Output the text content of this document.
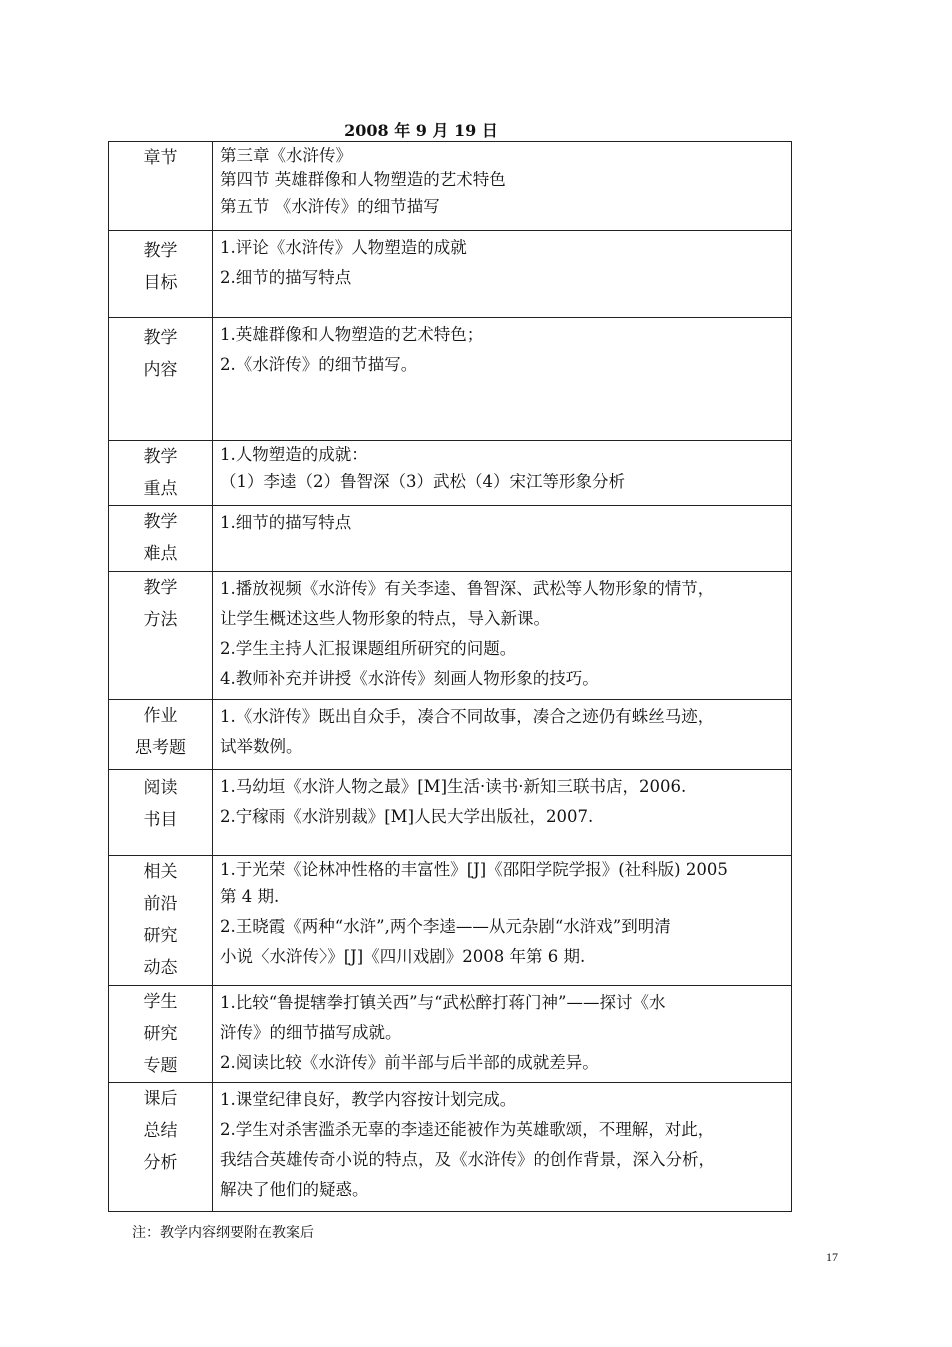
2008 年 9 月 19 日
章节	第三章《水浒传》
第四节 英雄群像和人物塑造的艺术特色
第五节 《水浒传》的细节描写

教学
目标	1.评论《水浒传》人物塑造的成就
2.细节的描写特点

教学
内容	1.英雄群像和人物塑造的艺术特色；
2.《水浒传》的细节描写。

教学
重点	1.人物塑造的成就：
（1）李逵（2）鲁智深（3）武松（4）宋江等形象分析

教学
难点	1.细节的描写特点

教学
方法	1.播放视频《水浒传》有关李逵、鲁智深、武松等人物形象的情节，
让学生概述这些人物形象的特点，导入新课。
2.学生主持人汇报课题组所研究的问题。
4.教师补充并讲授《水浒传》刻画人物形象的技巧。

作业
思考题	1.《水浒传》既出自众手，凑合不同故事，凑合之迹仍有蛛丝马迹，
试举数例。

阅读
书目	1.马幼垣《水浒人物之最》[M]生活·读书·新知三联书店，2006.
2.宁稼雨《水浒别裁》[M]人民大学出版社，2007.

相关
前沿
研究
动态	1.于光荣《论林冲性格的丰富性》[J]《邵阳学院学报》(社科版) 2005
第 4 期.
2.王晓霞《两种“水浒”,两个李逵——从元杂剧“水浒戏”到明清
小说〈水浒传〉》[J]《四川戏剧》2008 年第 6 期.

学生
研究
专题	1.比较“鲁提辖拳打镇关西”与“武松醉打蒋门神”——探讨《水
浒传》的细节描写成就。
2.阅读比较《水浒传》前半部与后半部的成就差异。

课后
总结
分析	1.课堂纪律良好，教学内容按计划完成。
2.学生对杀害滥杀无辜的李逵还能被作为英雄歌颂，不理解，对此，
我结合英雄传奇小说的特点，及《水浒传》的创作背景，深入分析，
解决了他们的疑惑。
注：教学内容纲要附在教案后
17
